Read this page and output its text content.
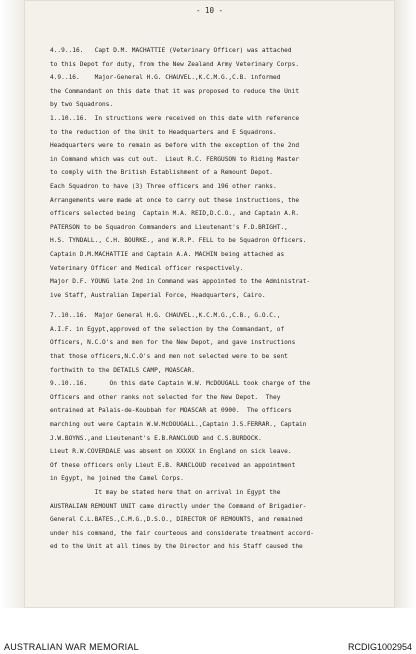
- 10 -
4..9..16.   Capt D.M. MACHATTIE (Veterinary Officer) was attached
to this Depot for duty, from the New Zealand Army Veterinary Corps.
4.9..16.    Major-General H.G. CHAUVEL.,K.C.M.G.,C.B. informed
the Commandant on this date that it was proposed to reduce the Unit
by two Squadrons.
1..10..16.  In structions were received on this date with reference
to the reduction of the Unit to Headquarters and E Squadrons.
Headquarters were to remain as before with the exception of the 2nd
in Command which was cut out.  Lieut R.C. FERGUSON to Riding Master
to comply with the British Establishment of a Remount Depot.
Each Squadron to have (3) Three officers and 196 other ranks.
Arrangements were made at once to carry out these instructions, the
officers selected being  Captain M.A. REID,D.C.O., and Captain A.R.
PATERSON to be Squadron Commanders and Lieutenant's F.D.BRIGHT.,
H.S. TYNDALL., C.H. BOURKE., and W.R.P. FELL to be Squadron Officers.
Captain D.M.MACHATTIE and Captain A.A. MACHIN being attached as
Veterinary Officer and Medical officer respectively.
Major D.F. YOUNG late 2nd in Command was appointed to the Administrat-
ive Staff, Australian Imperial Force, Headquarters, Cairo.
7..10..16.  Major General H.G. CHAUVEL.,K.C.M.G.,C.B., G.O.C.,
A.I.F. in Egypt,approved of the selection by the Commandant, of
Officers, N.C.O's and men for the New Depot, and gave instructions
that those officers,N.C.O's and men not selected were to be sent
forthwith to the DETAILS CAMP, MOASCAR.
9..10..16.      On this date Captain W.W. McDOUGALL took charge of the
Officers and other ranks not selected for the New Depot.  They
entrained at Palais-de-Koubbah for MOASCAR at 0900.  The officers
marching out were Captain W.W.McDOUGALL.,Captain J.S.FERRAR., Captain
J.W.BOYNS.,and Lieutenant's E.B.RANCLOUD and C.S.BURDOCK.
Lieut R.W.COVERDALE was absent on XXXXX in England on sick leave.
Of these officers only Lieut E.B. RANCLOUD received an appointment
in Egypt, he joined the Camel Corps.
It may be stated here that on arrival in Egypt the
AUSTRALIAN REMOUNT UNIT came directly under the Command of Brigadier-
General C.L.BATES.,C.M.G.,D.S.O., DIRECTOR OF REMOUNTS, and remained
under his command, the fair courteous and considerate treatment accord-
ed to the Unit at all times by the Director and his Staff caused the
AUSTRALIAN WAR MEMORIAL	RCDIG1002954
